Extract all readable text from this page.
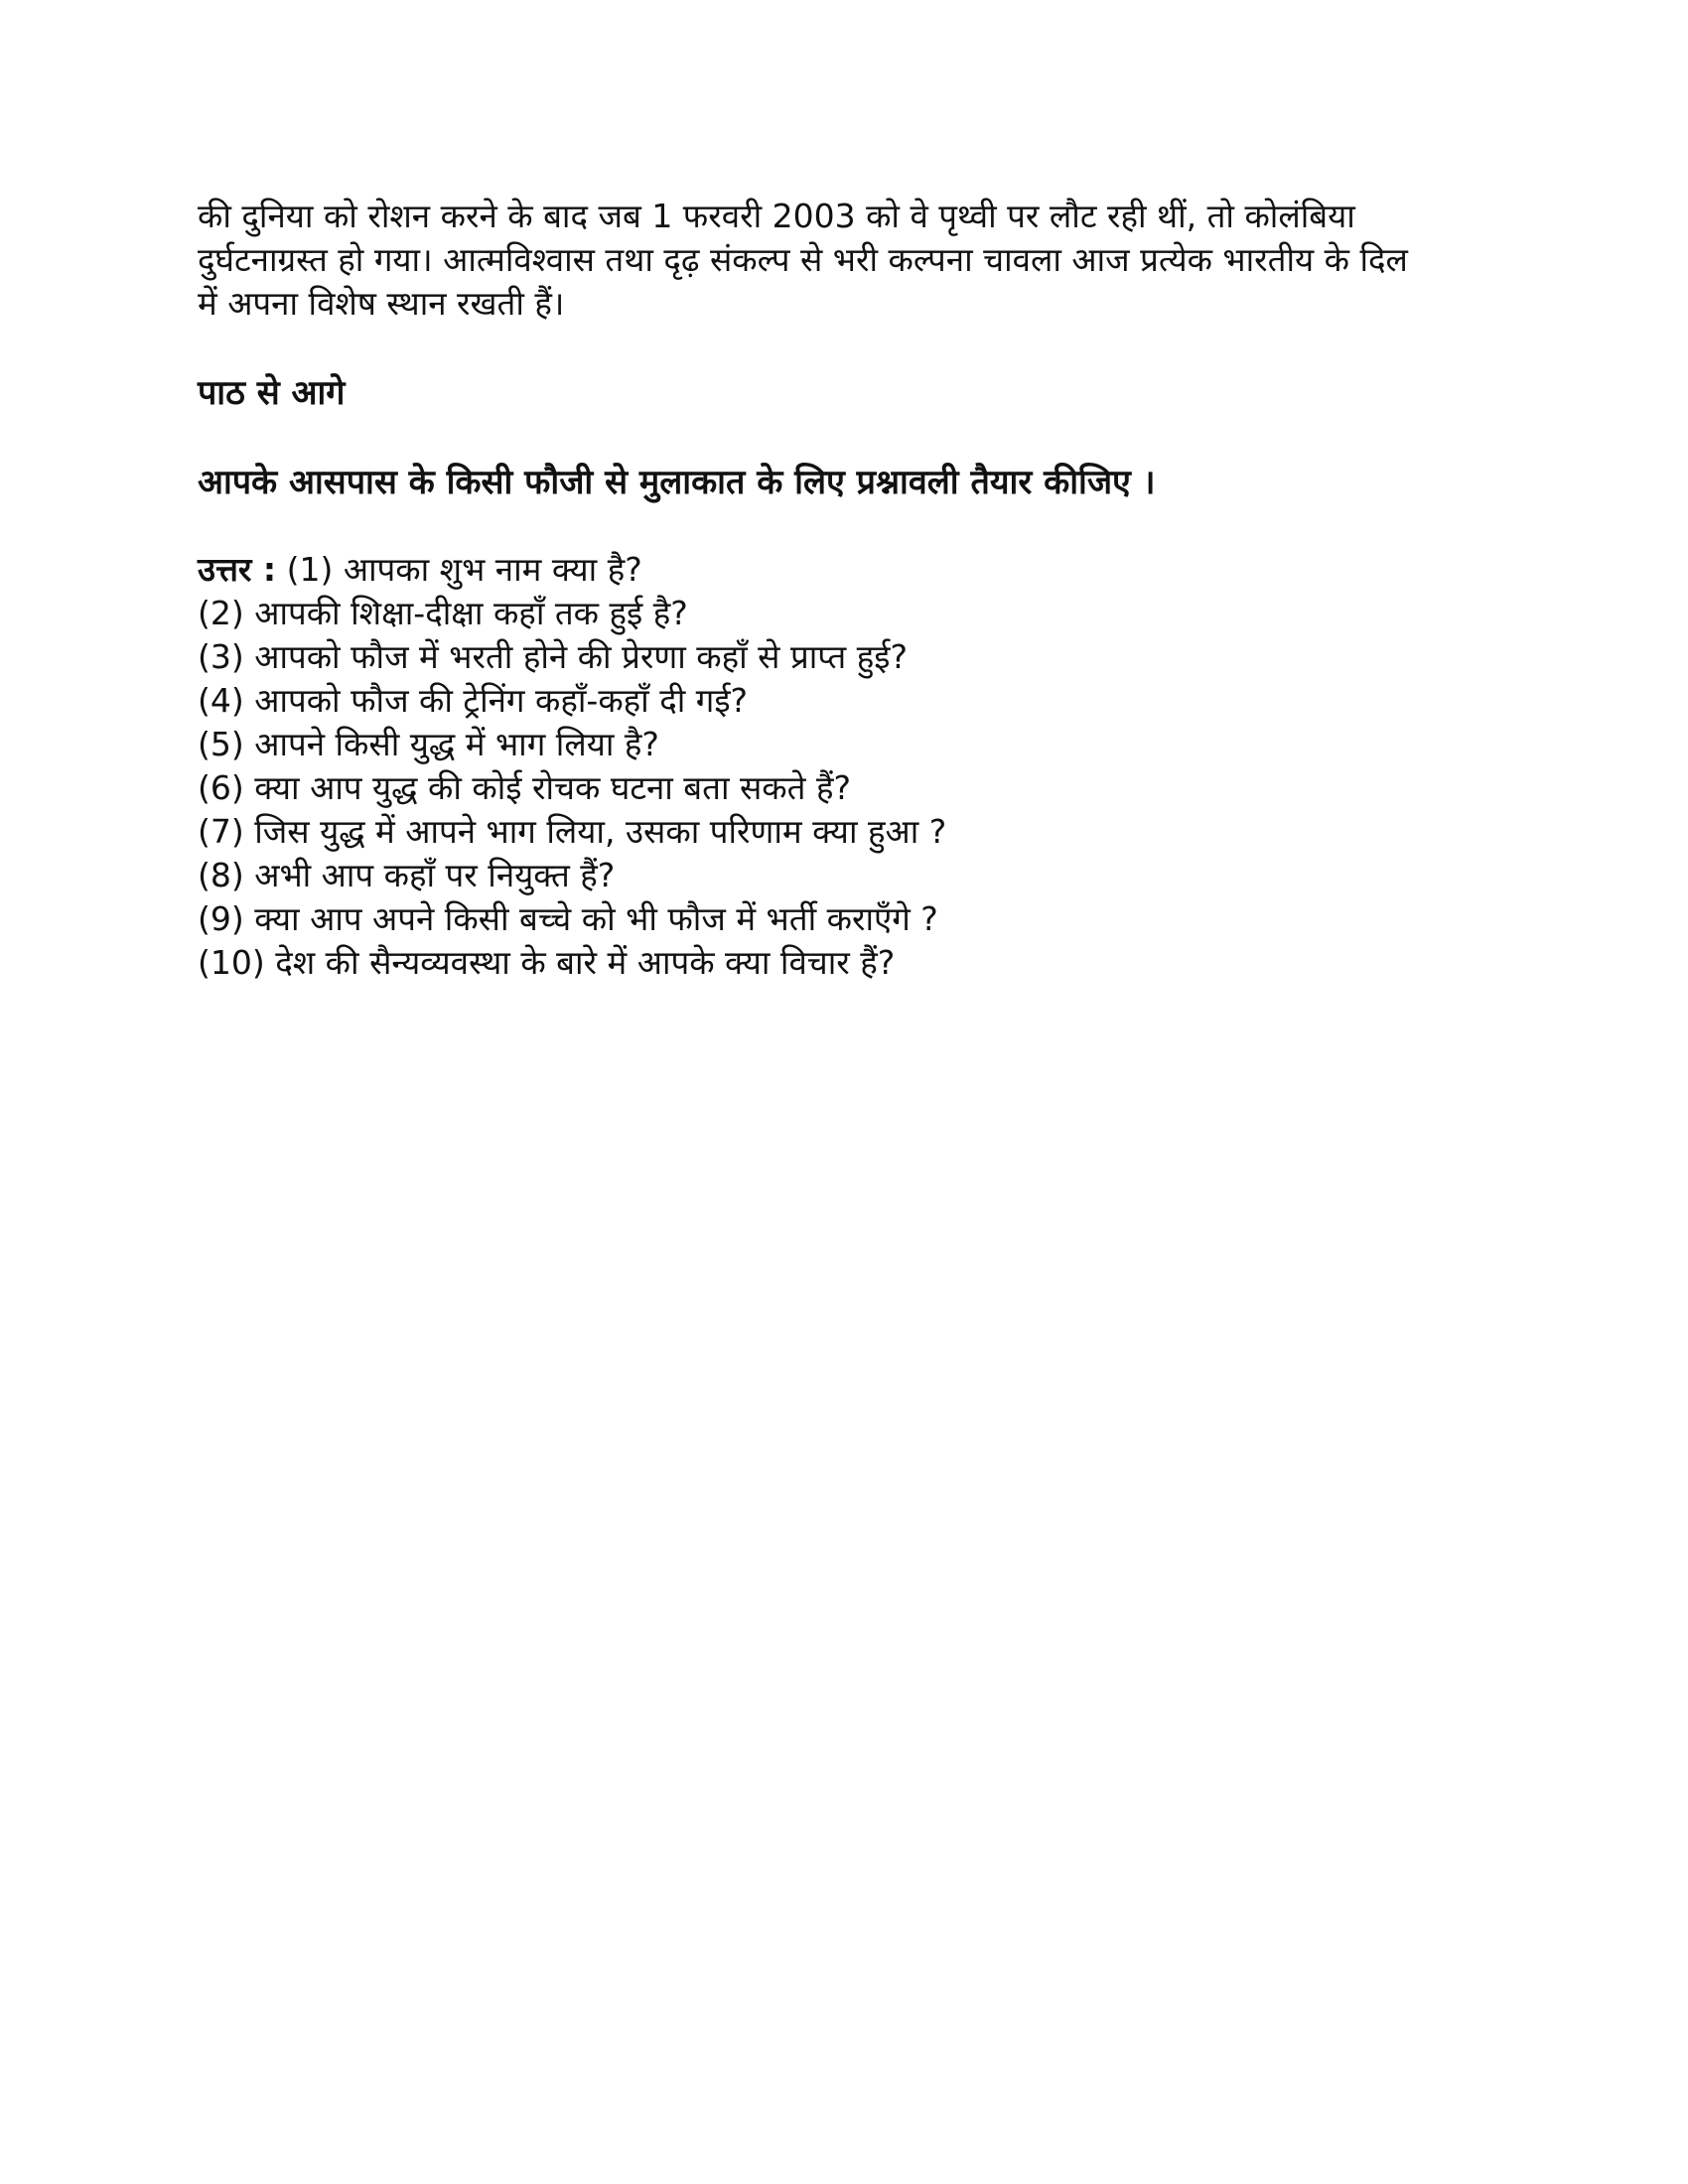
की दुनिया को रोशन करने के बाद जब 1 फरवरी 2003 को वे पृथ्वी पर लौट रही थीं, तो कोलंबिया
दुर्घटनाग्रस्त हो गया। आत्मविश्वास तथा दृढ़ संकल्प से भरी कल्पना चावला आज प्रत्येक भारतीय के दिल
में अपना विशेष स्थान रखती हैं।

पाठ से आगे

आपके आसपास के किसी फौजी से मुलाकात के लिए प्रश्नावली तैयार कीजिए ।

उत्तर : (1) आपका शुभ नाम क्या है?
(2) आपकी शिक्षा-दीक्षा कहाँ तक हुई है?
(3) आपको फौज में भरती होने की प्रेरणा कहाँ से प्राप्त हुई?
(4) आपको फौज की ट्रेनिंग कहाँ-कहाँ दी गई?
(5) आपने किसी युद्ध में भाग लिया है?
(6) क्या आप युद्ध की कोई रोचक घटना बता सकते हैं?
(7) जिस युद्ध में आपने भाग लिया, उसका परिणाम क्या हुआ ?
(8) अभी आप कहाँ पर नियुक्त हैं?
(9) क्या आप अपने किसी बच्चे को भी फौज में भर्ती कराएँगे ?
(10) देश की सैन्यव्यवस्था के बारे में आपके क्या विचार हैं?
